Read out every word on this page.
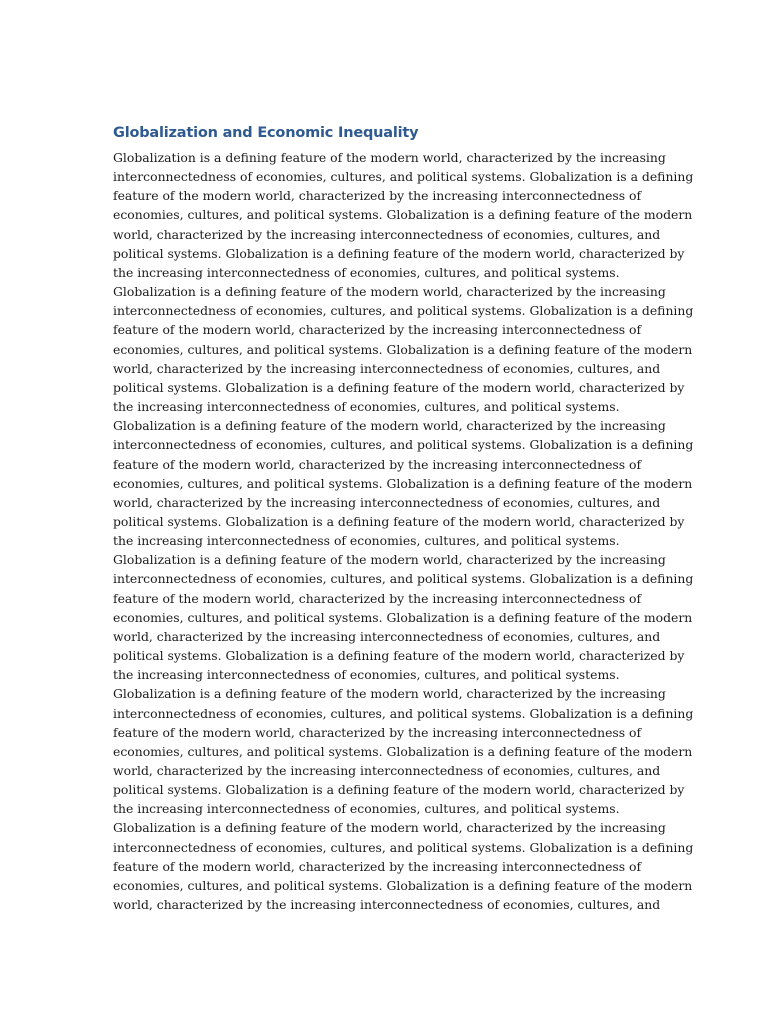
Globalization and Economic Inequality

Globalization is a defining feature of the modern world, characterized by the increasing
interconnectedness of economies, cultures, and political systems. Globalization is a defining
feature of the modern world, characterized by the increasing interconnectedness of
economies, cultures, and political systems. Globalization is a defining feature of the modern
world, characterized by the increasing interconnectedness of economies, cultures, and
political systems. Globalization is a defining feature of the modern world, characterized by
the increasing interconnectedness of economies, cultures, and political systems.
Globalization is a defining feature of the modern world, characterized by the increasing
interconnectedness of economies, cultures, and political systems. Globalization is a defining
feature of the modern world, characterized by the increasing interconnectedness of
economies, cultures, and political systems. Globalization is a defining feature of the modern
world, characterized by the increasing interconnectedness of economies, cultures, and
political systems. Globalization is a defining feature of the modern world, characterized by
the increasing interconnectedness of economies, cultures, and political systems.
Globalization is a defining feature of the modern world, characterized by the increasing
interconnectedness of economies, cultures, and political systems. Globalization is a defining
feature of the modern world, characterized by the increasing interconnectedness of
economies, cultures, and political systems. Globalization is a defining feature of the modern
world, characterized by the increasing interconnectedness of economies, cultures, and
political systems. Globalization is a defining feature of the modern world, characterized by
the increasing interconnectedness of economies, cultures, and political systems.
Globalization is a defining feature of the modern world, characterized by the increasing
interconnectedness of economies, cultures, and political systems. Globalization is a defining
feature of the modern world, characterized by the increasing interconnectedness of
economies, cultures, and political systems. Globalization is a defining feature of the modern
world, characterized by the increasing interconnectedness of economies, cultures, and
political systems. Globalization is a defining feature of the modern world, characterized by
the increasing interconnectedness of economies, cultures, and political systems.
Globalization is a defining feature of the modern world, characterized by the increasing
interconnectedness of economies, cultures, and political systems. Globalization is a defining
feature of the modern world, characterized by the increasing interconnectedness of
economies, cultures, and political systems. Globalization is a defining feature of the modern
world, characterized by the increasing interconnectedness of economies, cultures, and
political systems. Globalization is a defining feature of the modern world, characterized by
the increasing interconnectedness of economies, cultures, and political systems.
Globalization is a defining feature of the modern world, characterized by the increasing
interconnectedness of economies, cultures, and political systems. Globalization is a defining
feature of the modern world, characterized by the increasing interconnectedness of
economies, cultures, and political systems. Globalization is a defining feature of the modern
world, characterized by the increasing interconnectedness of economies, cultures, and
